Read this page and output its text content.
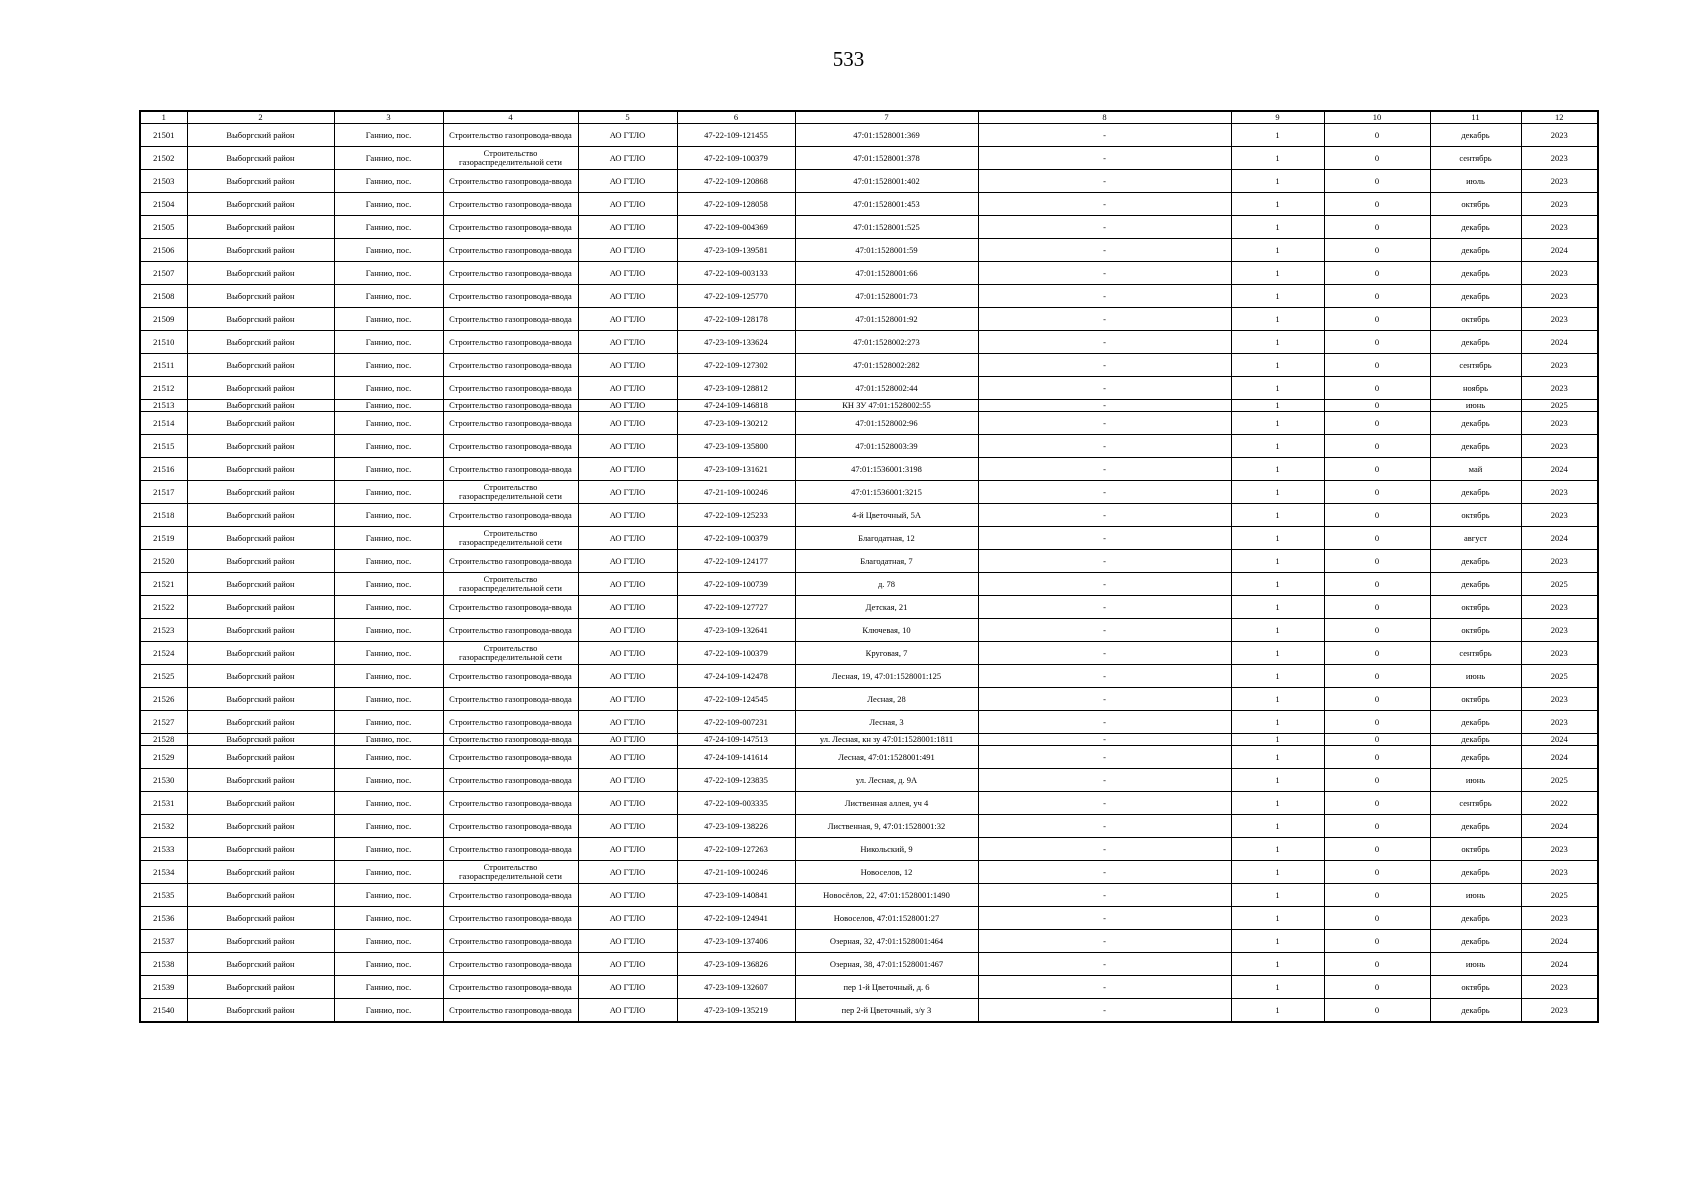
533
1	2	3	4	5	6	7	8	9	10	11	12
21501	Выборгский район	Ганнио, пос.	Строительство газопровода-ввода	АО ГТЛО	47-22-109-121455	47:01:1528001:369	-	1	0	декабрь	2023
21502	Выборгский район	Ганнио, пос.	Строительство газораспределительной сети	АО ГТЛО	47-22-109-100379	47:01:1528001:378	-	1	0	сентябрь	2023
21503	Выборгский район	Ганнио, пос.	Строительство газопровода-ввода	АО ГТЛО	47-22-109-120868	47:01:1528001:402	-	1	0	июль	2023
21504	Выборгский район	Ганнио, пос.	Строительство газопровода-ввода	АО ГТЛО	47-22-109-128058	47:01:1528001:453	-	1	0	октябрь	2023
21505	Выборгский район	Ганнио, пос.	Строительство газопровода-ввода	АО ГТЛО	47-22-109-004369	47:01:1528001:525	-	1	0	декабрь	2023
21506	Выборгский район	Ганнио, пос.	Строительство газопровода-ввода	АО ГТЛО	47-23-109-139581	47:01:1528001:59	-	1	0	декабрь	2024
21507	Выборгский район	Ганнио, пос.	Строительство газопровода-ввода	АО ГТЛО	47-22-109-003133	47:01:1528001:66	-	1	0	декабрь	2023
21508	Выборгский район	Ганнио, пос.	Строительство газопровода-ввода	АО ГТЛО	47-22-109-125770	47:01:1528001:73	-	1	0	декабрь	2023
21509	Выборгский район	Ганнио, пос.	Строительство газопровода-ввода	АО ГТЛО	47-22-109-128178	47:01:1528001:92	-	1	0	октябрь	2023
21510	Выборгский район	Ганнио, пос.	Строительство газопровода-ввода	АО ГТЛО	47-23-109-133624	47:01:1528002:273	-	1	0	декабрь	2024
21511	Выборгский район	Ганнио, пос.	Строительство газопровода-ввода	АО ГТЛО	47-22-109-127302	47:01:1528002:282	-	1	0	сентябрь	2023
21512	Выборгский район	Ганнио, пос.	Строительство газопровода-ввода	АО ГТЛО	47-23-109-128812	47:01:1528002:44	-	1	0	ноябрь	2023
21513	Выборгский район	Ганнио, пос.	Строительство газопровода-ввода	АО ГТЛО	47-24-109-146818	КН ЗУ 47:01:1528002:55	-	1	0	июнь	2025
21514	Выборгский район	Ганнио, пос.	Строительство газопровода-ввода	АО ГТЛО	47-23-109-130212	47:01:1528002:96	-	1	0	декабрь	2023
21515	Выборгский район	Ганнио, пос.	Строительство газопровода-ввода	АО ГТЛО	47-23-109-135800	47:01:1528003:39	-	1	0	декабрь	2023
21516	Выборгский район	Ганнио, пос.	Строительство газопровода-ввода	АО ГТЛО	47-23-109-131621	47:01:1536001:3198	-	1	0	май	2024
21517	Выборгский район	Ганнио, пос.	Строительство газораспределительной сети	АО ГТЛО	47-21-109-100246	47:01:1536001:3215	-	1	0	декабрь	2023
21518	Выборгский район	Ганнио, пос.	Строительство газопровода-ввода	АО ГТЛО	47-22-109-125233	4-й Цветочный, 5А	-	1	0	октябрь	2023
21519	Выборгский район	Ганнио, пос.	Строительство газораспределительной сети	АО ГТЛО	47-22-109-100379	Благодатная, 12	-	1	0	август	2024
21520	Выборгский район	Ганнио, пос.	Строительство газопровода-ввода	АО ГТЛО	47-22-109-124177	Благодатная, 7	-	1	0	декабрь	2023
21521	Выборгский район	Ганнио, пос.	Строительство газораспределительной сети	АО ГТЛО	47-22-109-100739	д. 78	-	1	0	декабрь	2025
21522	Выборгский район	Ганнио, пос.	Строительство газопровода-ввода	АО ГТЛО	47-22-109-127727	Детская, 21	-	1	0	октябрь	2023
21523	Выборгский район	Ганнио, пос.	Строительство газопровода-ввода	АО ГТЛО	47-23-109-132641	Ключевая, 10	-	1	0	октябрь	2023
21524	Выборгский район	Ганнио, пос.	Строительство газораспределительной сети	АО ГТЛО	47-22-109-100379	Круговая, 7	-	1	0	сентябрь	2023
21525	Выборгский район	Ганнио, пос.	Строительство газопровода-ввода	АО ГТЛО	47-24-109-142478	Лесная, 19, 47:01:1528001:125	-	1	0	июнь	2025
21526	Выборгский район	Ганнио, пос.	Строительство газопровода-ввода	АО ГТЛО	47-22-109-124545	Лесная, 28	-	1	0	октябрь	2023
21527	Выборгский район	Ганнио, пос.	Строительство газопровода-ввода	АО ГТЛО	47-22-109-007231	Лесная, 3	-	1	0	декабрь	2023
21528	Выборгский район	Ганнио, пос.	Строительство газопровода-ввода	АО ГТЛО	47-24-109-147513	ул. Лесная, кн зу 47:01:1528001:1811	-	1	0	декабрь	2024
21529	Выборгский район	Ганнио, пос.	Строительство газопровода-ввода	АО ГТЛО	47-24-109-141614	Лесная, 47:01:1528001:491	-	1	0	декабрь	2024
21530	Выборгский район	Ганнио, пос.	Строительство газопровода-ввода	АО ГТЛО	47-22-109-123835	ул. Лесная, д. 9А	-	1	0	июнь	2025
21531	Выборгский район	Ганнио, пос.	Строительство газопровода-ввода	АО ГТЛО	47-22-109-003335	Лиственная аллея, уч 4	-	1	0	сентябрь	2022
21532	Выборгский район	Ганнио, пос.	Строительство газопровода-ввода	АО ГТЛО	47-23-109-138226	Лиственная, 9, 47:01:1528001:32	-	1	0	декабрь	2024
21533	Выборгский район	Ганнио, пос.	Строительство газопровода-ввода	АО ГТЛО	47-22-109-127263	Никольский, 9	-	1	0	октябрь	2023
21534	Выборгский район	Ганнио, пос.	Строительство газораспределительной сети	АО ГТЛО	47-21-109-100246	Новоселов, 12	-	1	0	декабрь	2023
21535	Выборгский район	Ганнио, пос.	Строительство газопровода-ввода	АО ГТЛО	47-23-109-140841	Новосёлов, 22, 47:01:1528001:1490	-	1	0	июнь	2025
21536	Выборгский район	Ганнио, пос.	Строительство газопровода-ввода	АО ГТЛО	47-22-109-124941	Новоселов, 47:01:1528001:27	-	1	0	декабрь	2023
21537	Выборгский район	Ганнио, пос.	Строительство газопровода-ввода	АО ГТЛО	47-23-109-137406	Озерная, 32, 47:01:1528001:464	-	1	0	декабрь	2024
21538	Выборгский район	Ганнио, пос.	Строительство газопровода-ввода	АО ГТЛО	47-23-109-136826	Озерная, 38, 47:01:1528001:467	-	1	0	июнь	2024
21539	Выборгский район	Ганнио, пос.	Строительство газопровода-ввода	АО ГТЛО	47-23-109-132607	пер 1-й Цветочный, д. 6	-	1	0	октябрь	2023
21540	Выборгский район	Ганнио, пос.	Строительство газопровода-ввода	АО ГТЛО	47-23-109-135219	пер 2-й Цветочный, з/у 3	-	1	0	декабрь	2023
